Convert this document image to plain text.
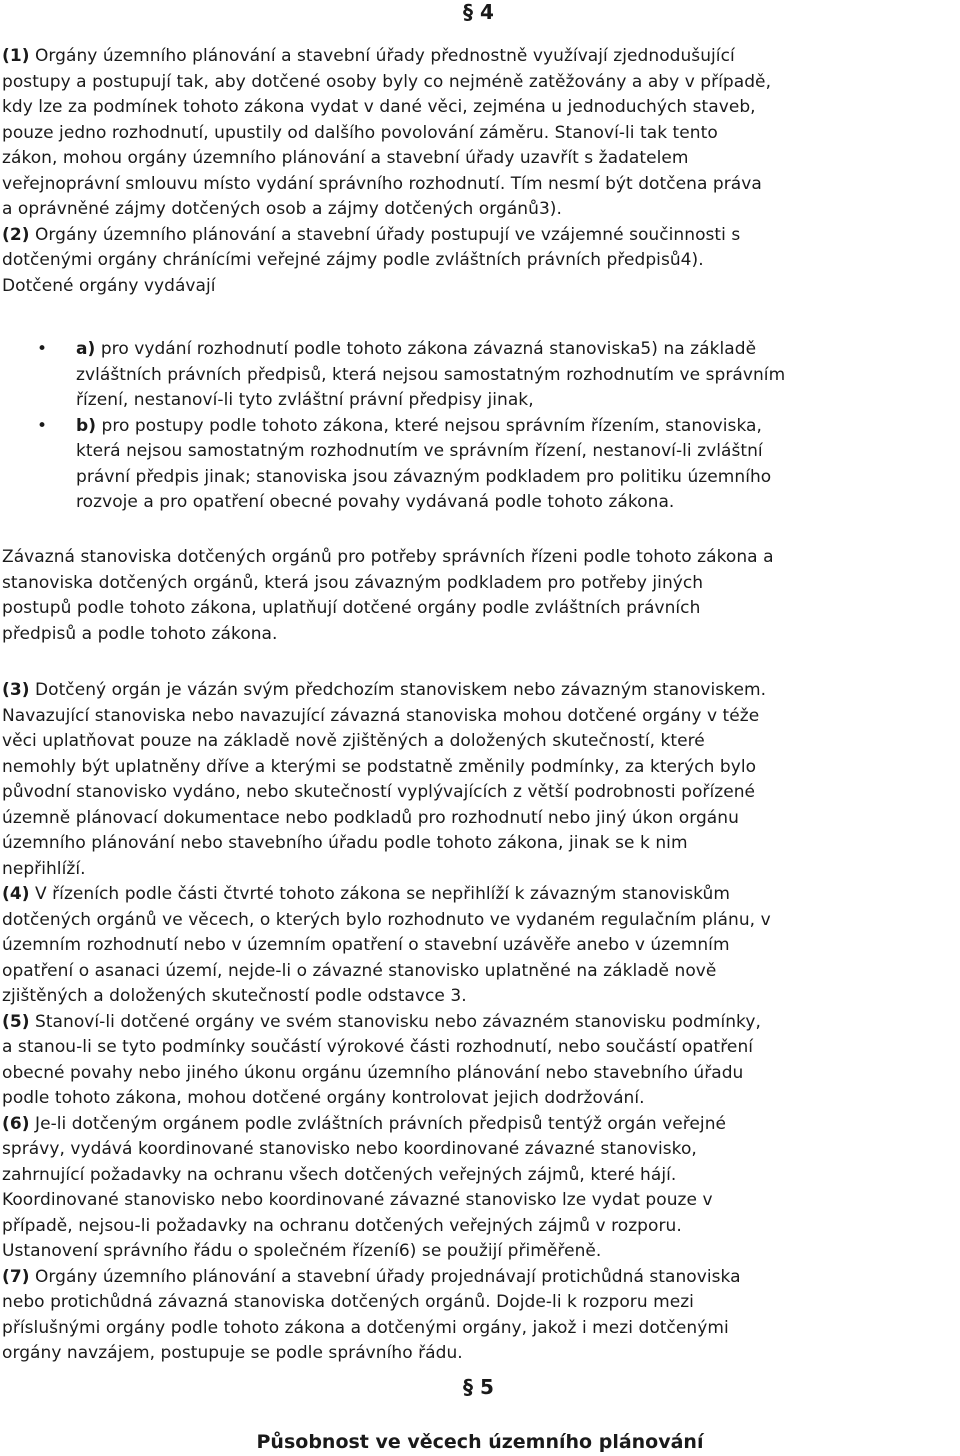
§ 4
(1) Orgány územního plánování a stavební úřady přednostně využívají zjednodušující
postupy a postupují tak, aby dotčené osoby byly co nejméně zatěžovány a aby v případě,
kdy lze za podmínek tohoto zákona vydat v dané věci, zejména u jednoduchých staveb,
pouze jedno rozhodnutí, upustily od dalšího povolování záměru. Stanoví-li tak tento
zákon, mohou orgány územního plánování a stavební úřady uzavřít s žadatelem
veřejnoprávní smlouvu místo vydání správního rozhodnutí. Tím nesmí být dotčena práva
a oprávněné zájmy dotčených osob a zájmy dotčených orgánů3).
(2) Orgány územního plánování a stavební úřady postupují ve vzájemné součinnosti s
dotčenými orgány chránícími veřejné zájmy podle zvláštních právních předpisů4).
Dotčené orgány vydávají
• a) pro vydání rozhodnutí podle tohoto zákona závazná stanoviska5) na základě
zvláštních právních předpisů, která nejsou samostatným rozhodnutím ve správním
řízení, nestanoví-li tyto zvláštní právní předpisy jinak,
• b) pro postupy podle tohoto zákona, které nejsou správním řízením, stanoviska,
která nejsou samostatným rozhodnutím ve správním řízení, nestanoví-li zvláštní
právní předpis jinak; stanoviska jsou závazným podkladem pro politiku územního
rozvoje a pro opatření obecné povahy vydávaná podle tohoto zákona.
Závazná stanoviska dotčených orgánů pro potřeby správních řízeni podle tohoto zákona a
stanoviska dotčených orgánů, která jsou závazným podkladem pro potřeby jiných
postupů podle tohoto zákona, uplatňují dotčené orgány podle zvláštních právních
předpisů a podle tohoto zákona.
(3) Dotčený orgán je vázán svým předchozím stanoviskem nebo závazným stanoviskem.
Navazující stanoviska nebo navazující závazná stanoviska mohou dotčené orgány v téže
věci uplatňovat pouze na základě nově zjištěných a doložených skutečností, které
nemohly být uplatněny dříve a kterými se podstatně změnily podmínky, za kterých bylo
původní stanovisko vydáno, nebo skutečností vyplývajících z větší podrobnosti pořízené
územně plánovací dokumentace nebo podkladů pro rozhodnutí nebo jiný úkon orgánu
územního plánování nebo stavebního úřadu podle tohoto zákona, jinak se k nim
nepřihlíží.
(4) V řízeních podle části čtvrté tohoto zákona se nepřihlíží k závazným stanoviskům
dotčených orgánů ve věcech, o kterých bylo rozhodnuto ve vydaném regulačním plánu, v
územním rozhodnutí nebo v územním opatření o stavební uzávěře anebo v územním
opatření o asanaci území, nejde-li o závazné stanovisko uplatněné na základě nově
zjištěných a doložených skutečností podle odstavce 3.
(5) Stanoví-li dotčené orgány ve svém stanovisku nebo závazném stanovisku podmínky,
a stanou-li se tyto podmínky součástí výrokové části rozhodnutí, nebo součástí opatření
obecné povahy nebo jiného úkonu orgánu územního plánování nebo stavebního úřadu
podle tohoto zákona, mohou dotčené orgány kontrolovat jejich dodržování.
(6) Je-li dotčeným orgánem podle zvláštních právních předpisů tentýž orgán veřejné
správy, vydává koordinované stanovisko nebo koordinované závazné stanovisko,
zahrnující požadavky na ochranu všech dotčených veřejných zájmů, které hájí.
Koordinované stanovisko nebo koordinované závazné stanovisko lze vydat pouze v
případě, nejsou-li požadavky na ochranu dotčených veřejných zájmů v rozporu.
Ustanovení správního řádu o společném řízení6) se použijí přiměřeně.
(7) Orgány územního plánování a stavební úřady projednávají protichůdná stanoviska
nebo protichůdná závazná stanoviska dotčených orgánů. Dojde-li k rozporu mezi
příslušnými orgány podle tohoto zákona a dotčenými orgány, jakož i mezi dotčenými
orgány navzájem, postupuje se podle správního řádu.
§ 5
Působnost ve věcech územního plánování
